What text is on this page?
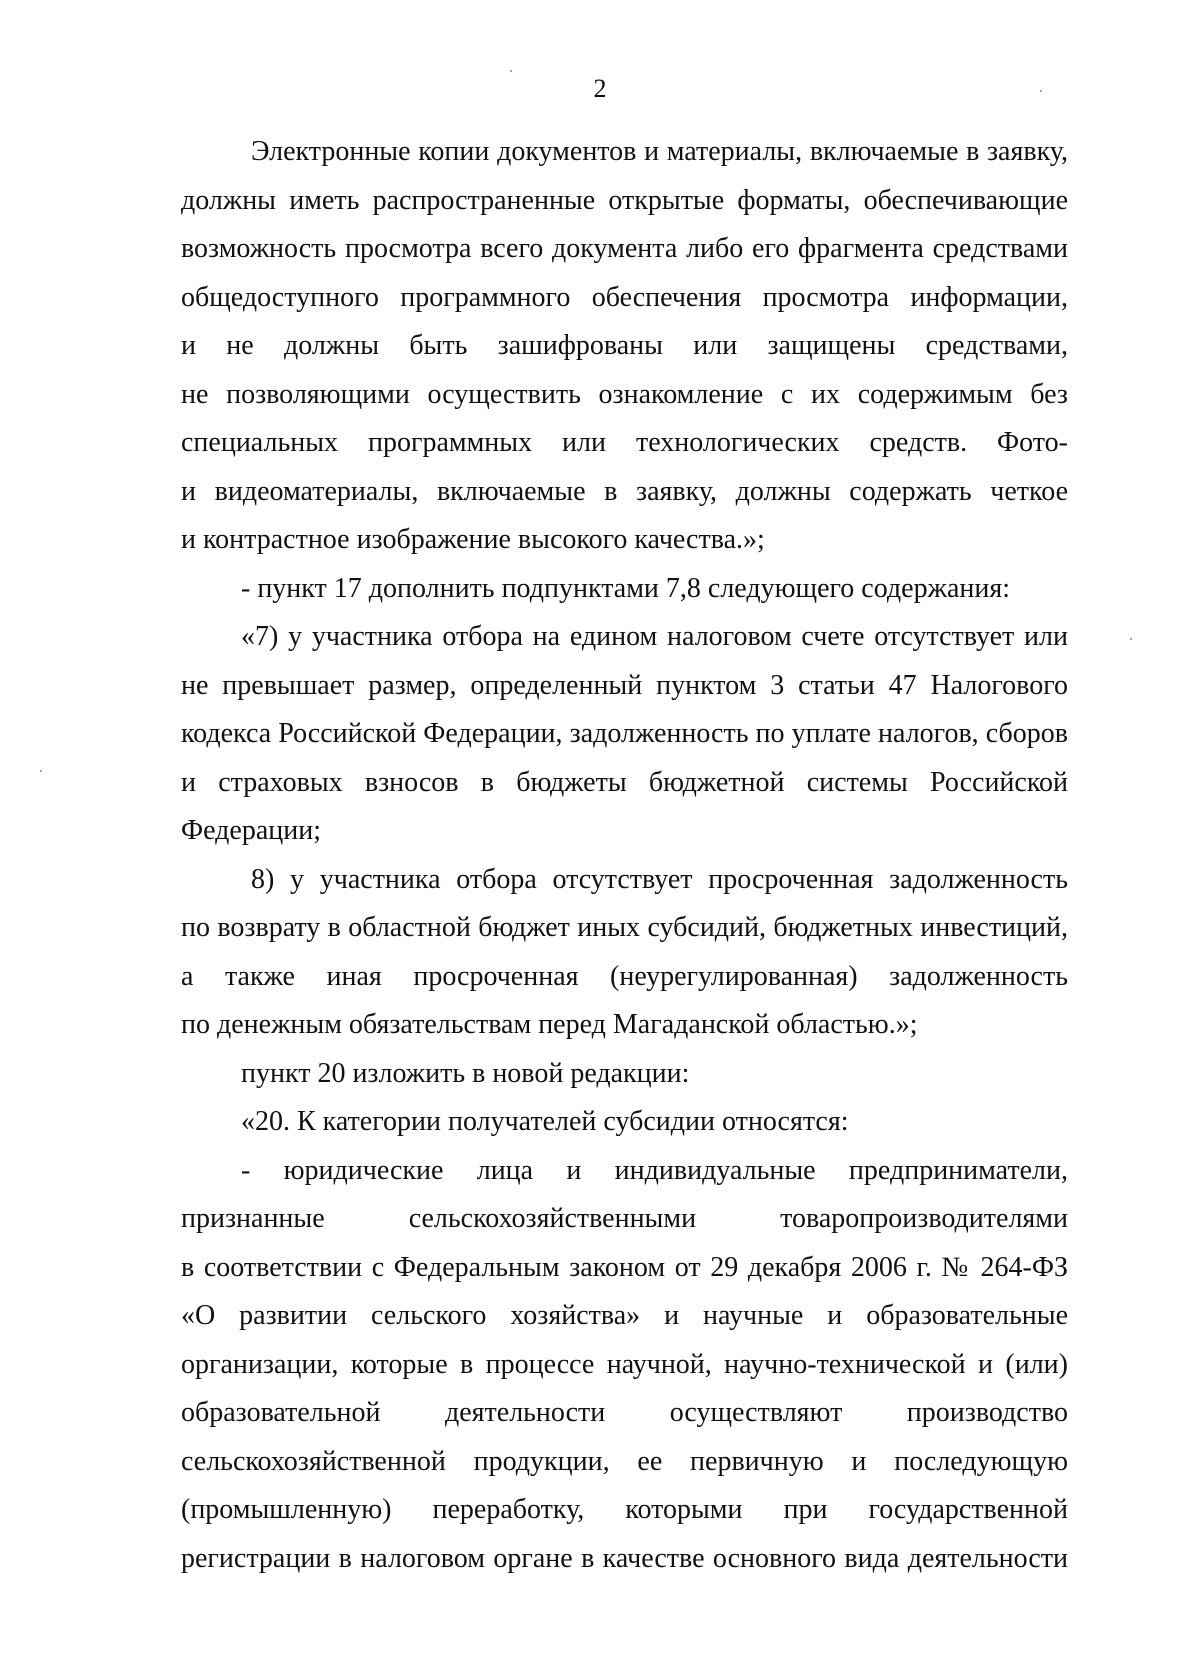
2
Электронные копии документов и материалы, включаемые в заявку,
должны иметь распространенные открытые форматы, обеспечивающие
возможность просмотра всего документа либо его фрагмента средствами
общедоступного программного обеспечения просмотра информации,
и не должны быть зашифрованы или защищены средствами,
не позволяющими осуществить ознакомление с их содержимым без
специальных программных или технологических средств. Фото-
и видеоматериалы, включаемые в заявку, должны содержать четкое
и контрастное изображение высокого качества.»;
- пункт 17 дополнить подпунктами 7,8 следующего содержания:
«7) у участника отбора на едином налоговом счете отсутствует или
не превышает размер, определенный пунктом 3 статьи 47 Налогового
кодекса Российской Федерации, задолженность по уплате налогов, сборов
и страховых взносов в бюджеты бюджетной системы Российской
Федерации;
8) у участника отбора отсутствует просроченная задолженность
по возврату в областной бюджет иных субсидий, бюджетных инвестиций,
а также иная просроченная (неурегулированная) задолженность
по денежным обязательствам перед Магаданской областью.»;
пункт 20 изложить в новой редакции:
«20. К категории получателей субсидии относятся:
- юридические лица и индивидуальные предприниматели,
признанные сельскохозяйственными товаропроизводителями
в соответствии с Федеральным законом от 29 декабря 2006 г. № 264-ФЗ
«О развитии сельского хозяйства» и научные и образовательные
организации, которые в процессе научной, научно-технической и (или)
образовательной деятельности осуществляют производство
сельскохозяйственной продукции, ее первичную и последующую
(промышленную) переработку, которыми при государственной
регистрации в налоговом органе в качестве основного вида деятельности
